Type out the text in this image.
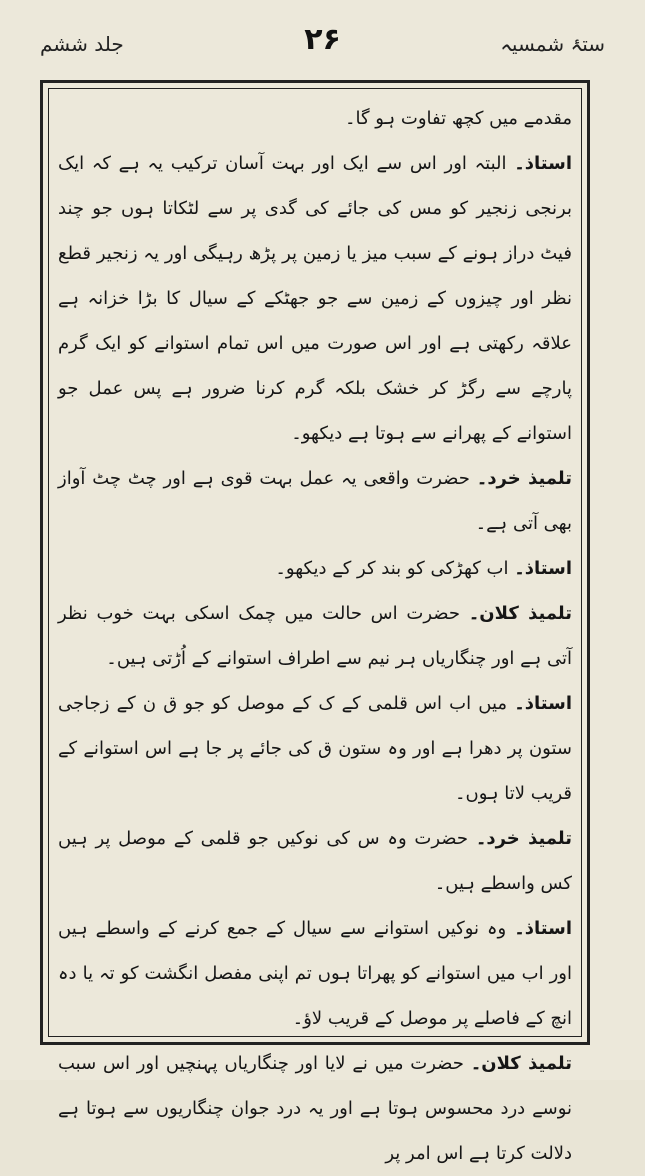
ستۂ شمسیہ
۲۶
جلد ششم

مقدمے میں کچھ تفاوت ہو گا۔

استاذ۔ البتہ اور اس سے ایک اور بہت آسان ترکیب یہ ہے کہ ایک برنجی زنجیر کو مس کی جائے کی گدی پر سے لٹکاتا ہوں جو چند فیٹ دراز ہونے کے سبب میز یا زمین پر پڑھ رہیگی اور یہ زنجیر قطع نظر اور چیزوں کے زمین سے جو جھٹکے کے سیال کا بڑا خزانہ ہے علاقہ رکھتی ہے اور اس صورت میں اس تمام استوانے کو ایک گرم پارچے سے رگڑ کر خشک بلکہ گرم کرنا ضرور ہے پس عمل جو استوانے کے پھرانے سے ہوتا ہے دیکھو۔

تلمیذ خرد۔ حضرت واقعی یہ عمل بہت قوی ہے اور چٹ چٹ آواز بھی آتی ہے۔

استاذ۔ اب کھڑکی کو بند کر کے دیکھو۔

تلمیذ کلان۔ حضرت اس حالت میں چمک اسکی بہت خوب نظر آتی ہے اور چنگاریاں ہر نیم سے اطراف استوانے کے اُڑتی ہیں۔

استاذ۔ میں اب اس قلمی کے ک کے موصل کو جو ق ن کے زجاجی ستون پر دھرا ہے اور وہ ستون ق کی جائے پر جا ہے اس استوانے کے قریب لاتا ہوں۔

تلمیذ خرد۔ حضرت وہ س کی نوکیں جو قلمی کے موصل پر ہیں کس واسطے ہیں۔

استاذ۔ وہ نوکیں استوانے سے سیال کے جمع کرنے کے واسطے ہیں اور اب میں استوانے کو پھراتا ہوں تم اپنی مفصل انگشت کو تہ یا دہ انچ کے فاصلے پر موصل کے قریب لاؤ۔

تلمیذ کلان۔ حضرت میں نے لایا اور چنگاریاں پہنچیں اور اس سبب نوسے درد محسوس ہوتا ہے اور یہ درد جوان چنگاریوں سے ہوتا ہے دلالت کرتا ہے اس امر پر
